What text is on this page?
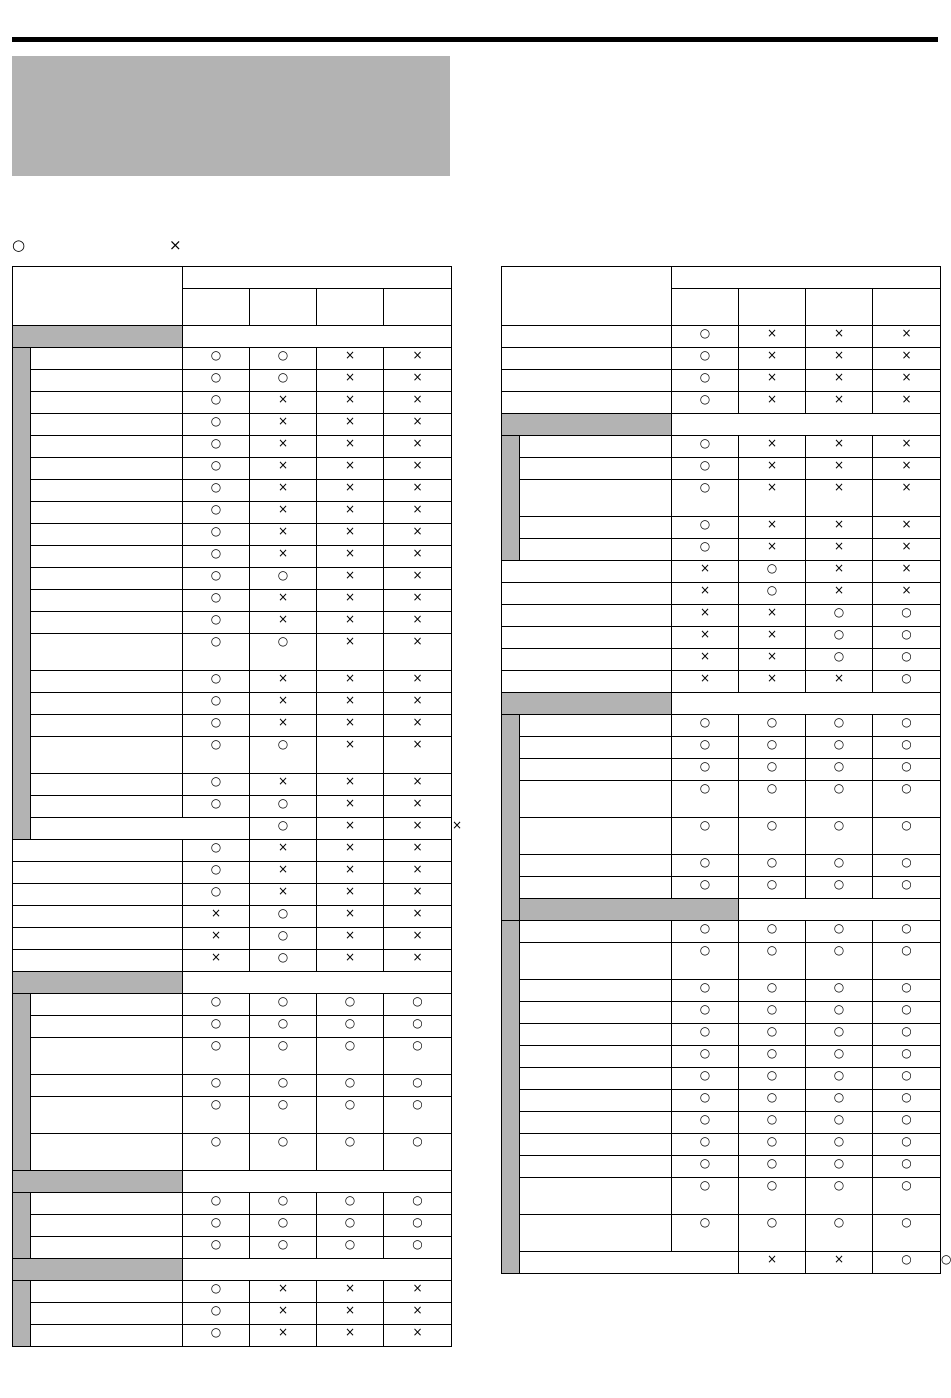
○	×

		○	○	×	×	
		○	○	×	×	
		○	×	×	×	
		○	×	×	×	
		○	×	×	×	
		○	×	×	×	
		○	×	×	×	
		○	×	×	×	
		○	×	×	×	
		○	×	×	×	
		○	○	×	×	
		○	×	×	×	
		○	×	×	×	
		○	○	×	×	
		○	×	×	×	
		○	×	×	×	
		○	×	×	×	
		○	○	×	×	
		○	×	×	×	
		○	○	×	×	
			○	×	×	×
		○	×	×	×	
		○	×	×	×	
		○	×	×	×	
		×	○	×	×	
		×	○	×	×	
		×	○	×	×	

		○	○	○	○	
		○	○	○	○	
		○	○	○	○	
		○	○	○	○	
		○	○	○	○	
		○	○	○	○	

		○	○	○	○	
		○	○	○	○	
		○	○	○	○	

		○	×	×	×	
		○	×	×	×	
		○	×	×	×	

		○	×	×	×	
		○	×	×	×	
		○	×	×	×	
		○	×	×	×	

		○	×	×	×	
		○	×	×	×	
		○	×	×	×	
		○	×	×	×	
		○	×	×	×	
		×	○	×	×	
		×	○	×	×	
		×	×	○	○	
		×	×	○	○	
		×	×	○	○	
		×	×	×	○	

		○	○	○	○	
		○	○	○	○	
		○	○	○	○	
		○	○	○	○	
		○	○	○	○	
		○	○	○	○	
		○	○	○	○	

		○	○	○	○	
		○	○	○	○	
		○	○	○	○	
		○	○	○	○	
		○	○	○	○	
		○	○	○	○	
		○	○	○	○	
		○	○	○	○	
		○	○	○	○	
		○	○	○	○	
		○	○	○	○	
		○	○	○	○	
		○	○	○	○	
			×	×	○	○
